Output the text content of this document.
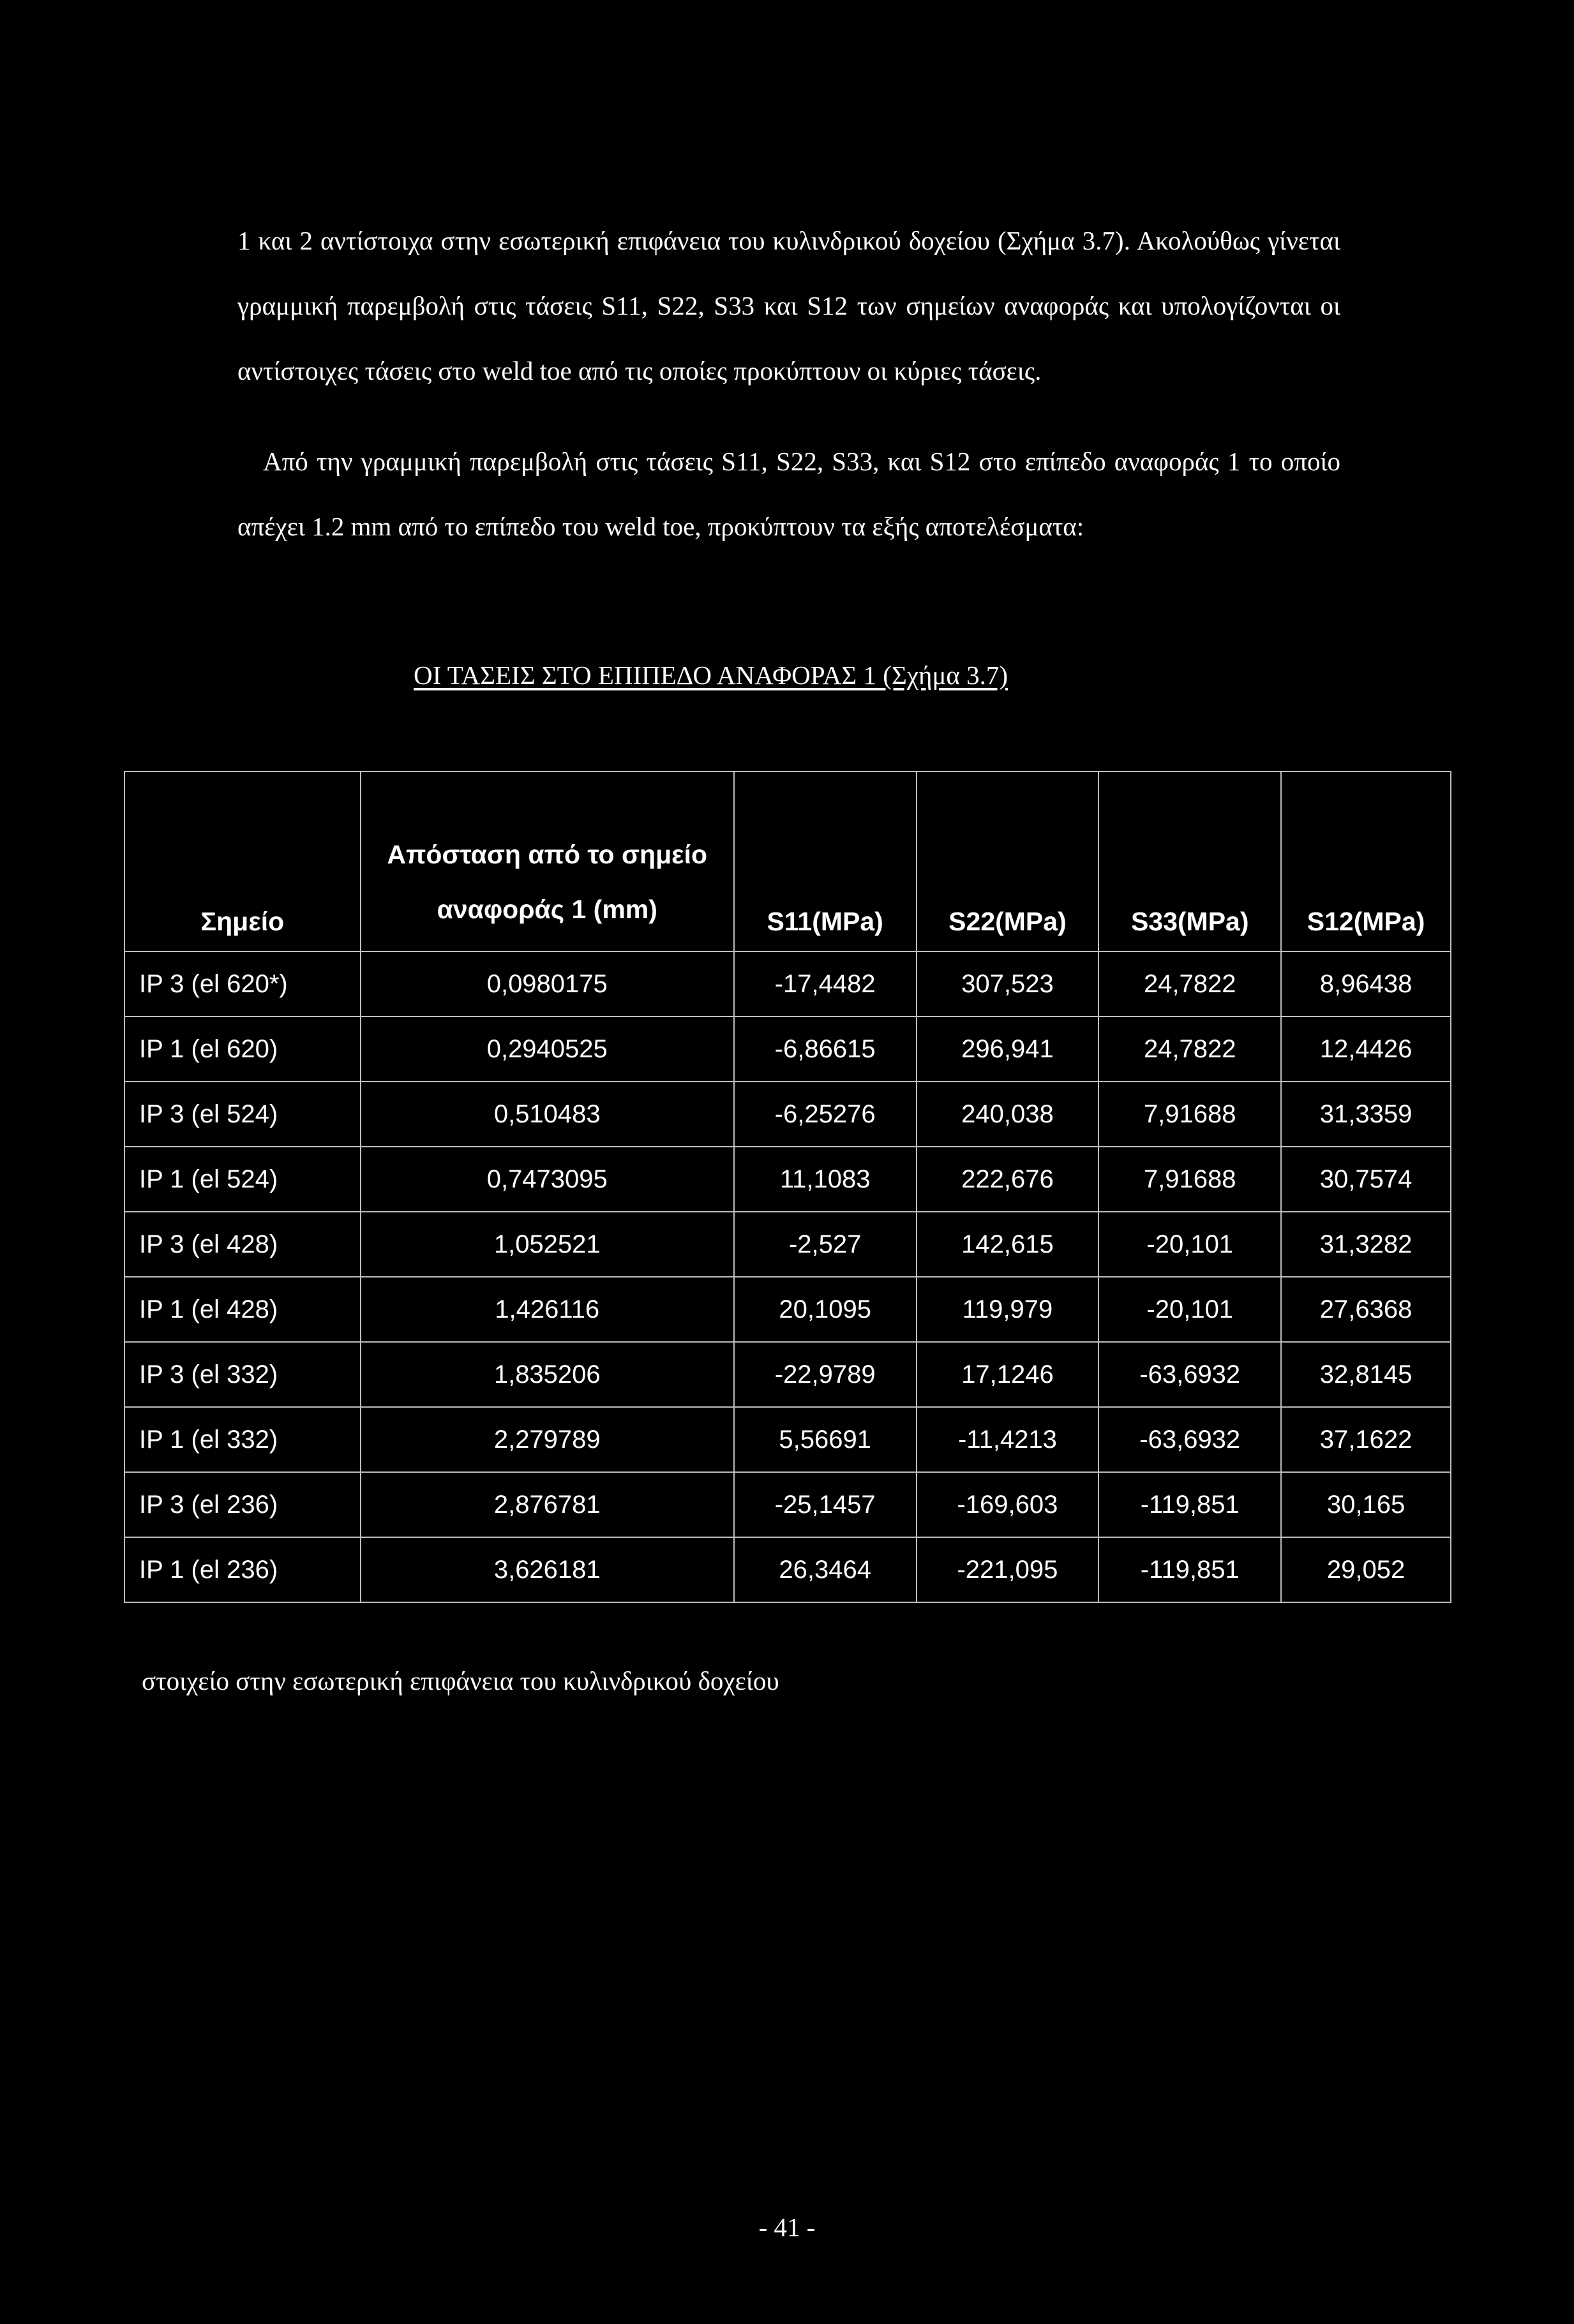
1 και 2 αντίστοιχα στην εσωτερική επιφάνεια του κυλινδρικού δοχείου (Σχήμα 3.7). Ακολούθως γίνεται γραμμική παρεμβολή στις τάσεις S11, S22, S33 και S12 των σημείων αναφοράς και υπολογίζονται οι αντίστοιχες τάσεις στο weld toe από τις οποίες προκύπτουν οι κύριες τάσεις.

Από την γραμμική παρεμβολή στις τάσεις S11, S22, S33, και S12 στο επίπεδο αναφοράς 1 το οποίο απέχει 1.2 mm από το επίπεδο του weld toe, προκύπτουν τα εξής αποτελέσματα:

ΟΙ ΤΑΣΕΙΣ ΣΤΟ ΕΠΙΠΕΔΟ ΑΝΑΦΟΡΑΣ 1 (Σχήμα 3.7)
Σημείο	Απόσταση από το σημείο αναφοράς 1 (mm)	S11(MPa)	S22(MPa)	S33(MPa)	S12(MPa)
IP 3 (el 620*)	0,0980175	-17,4482	307,523	24,7822	8,96438
IP 1 (el 620)	0,2940525	-6,86615	296,941	24,7822	12,4426
IP 3 (el 524)	0,510483	-6,25276	240,038	7,91688	31,3359
IP 1 (el 524)	0,7473095	11,1083	222,676	7,91688	30,7574
IP 3 (el 428)	1,052521	-2,527	142,615	-20,101	31,3282
IP 1 (el 428)	1,426116	20,1095	119,979	-20,101	27,6368
IP 3 (el 332)	1,835206	-22,9789	17,1246	-63,6932	32,8145
IP 1 (el 332)	2,279789	5,56691	-11,4213	-63,6932	37,1622
IP 3 (el 236)	2,876781	-25,1457	-169,603	-119,851	30,165
IP 1 (el 236)	3,626181	26,3464	-221,095	-119,851	29,052
στοιχείο στην εσωτερική επιφάνεια του κυλινδρικού δοχείου
- 41 -
